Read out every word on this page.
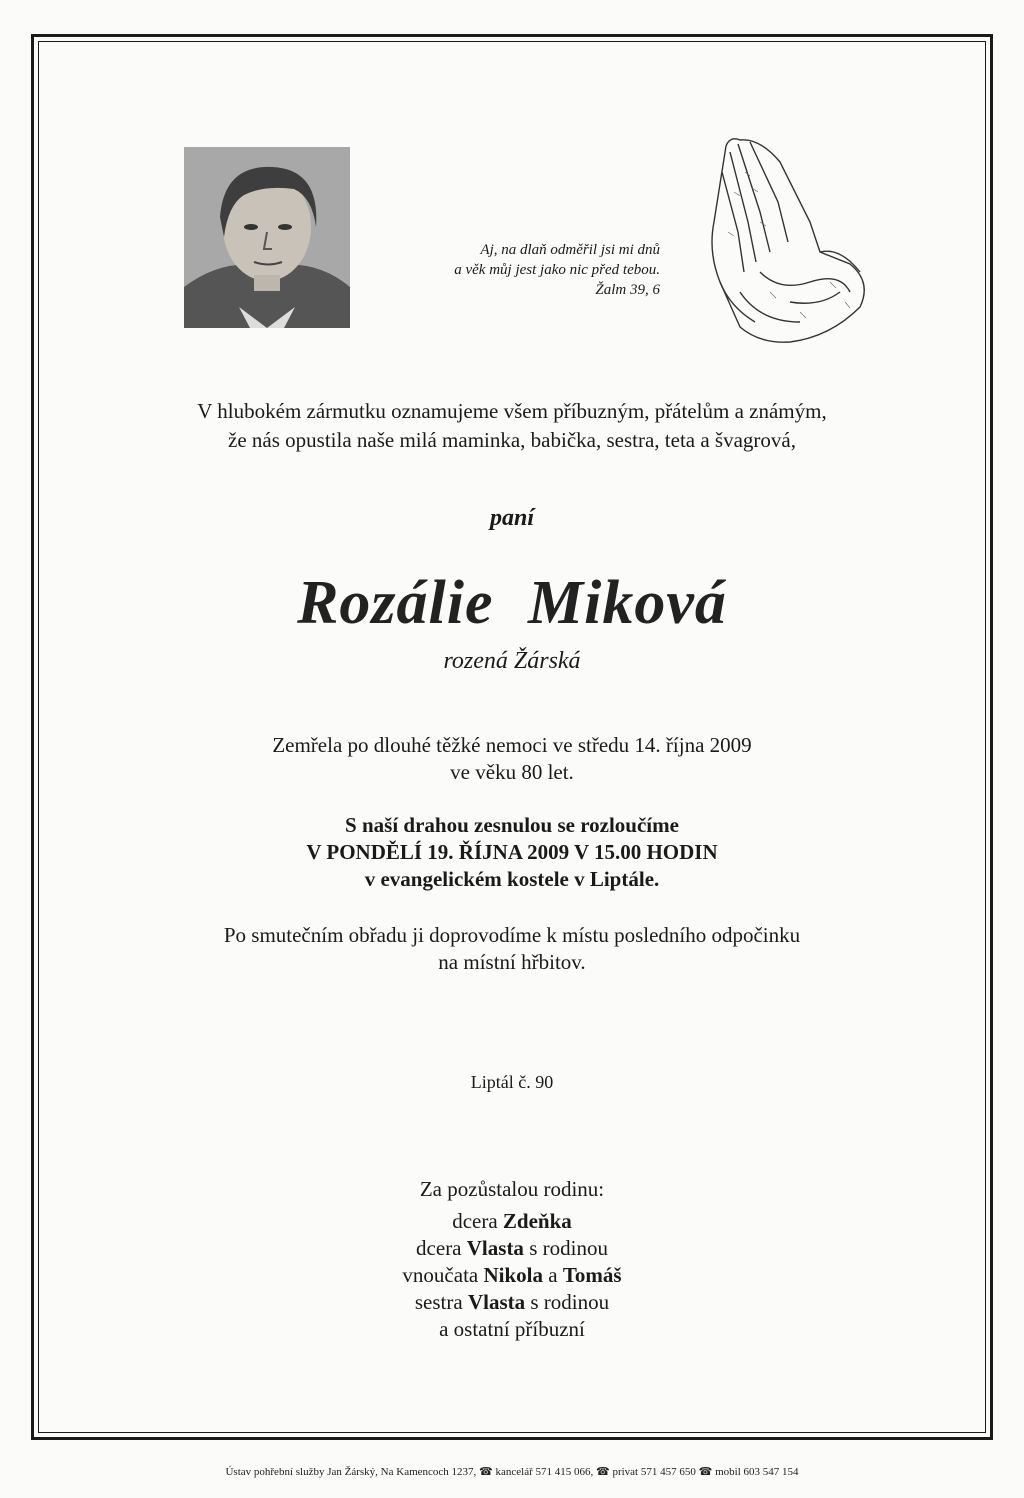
Aj, na dlaň odměřil jsi mi dnů
a věk můj jest jako nic před tebou.
Žalm 39, 6
V hlubokém zármutku oznamujeme všem příbuzným, přátelům a známým,
že nás opustila naše milá maminka, babička, sestra, teta a švagrová,
paní
Rozálie Miková
rozená Žárská
Zemřela po dlouhé těžké nemoci ve středu 14. října 2009
ve věku 80 let.
S naší drahou zesnulou se rozloučíme
V PONDĚLÍ 19. ŘÍJNA 2009 V 15.00 HODIN
v evangelickém kostele v Liptále.
Po smutečním obřadu ji doprovodíme k místu posledního odpočinku
na místní hřbitov.
Liptál č. 90
Za pozůstalou rodinu:
dcera Zdeňka
dcera Vlasta s rodinou
vnoučata Nikola a Tomáš
sestra Vlasta s rodinou
a ostatní příbuzní
Ústav pohřební služby Jan Žárský, Na Kamencoch 1237, ☎ kancelář 571 415 066, ☎ privat 571 457 650 ☎ mobil 603 547 154
